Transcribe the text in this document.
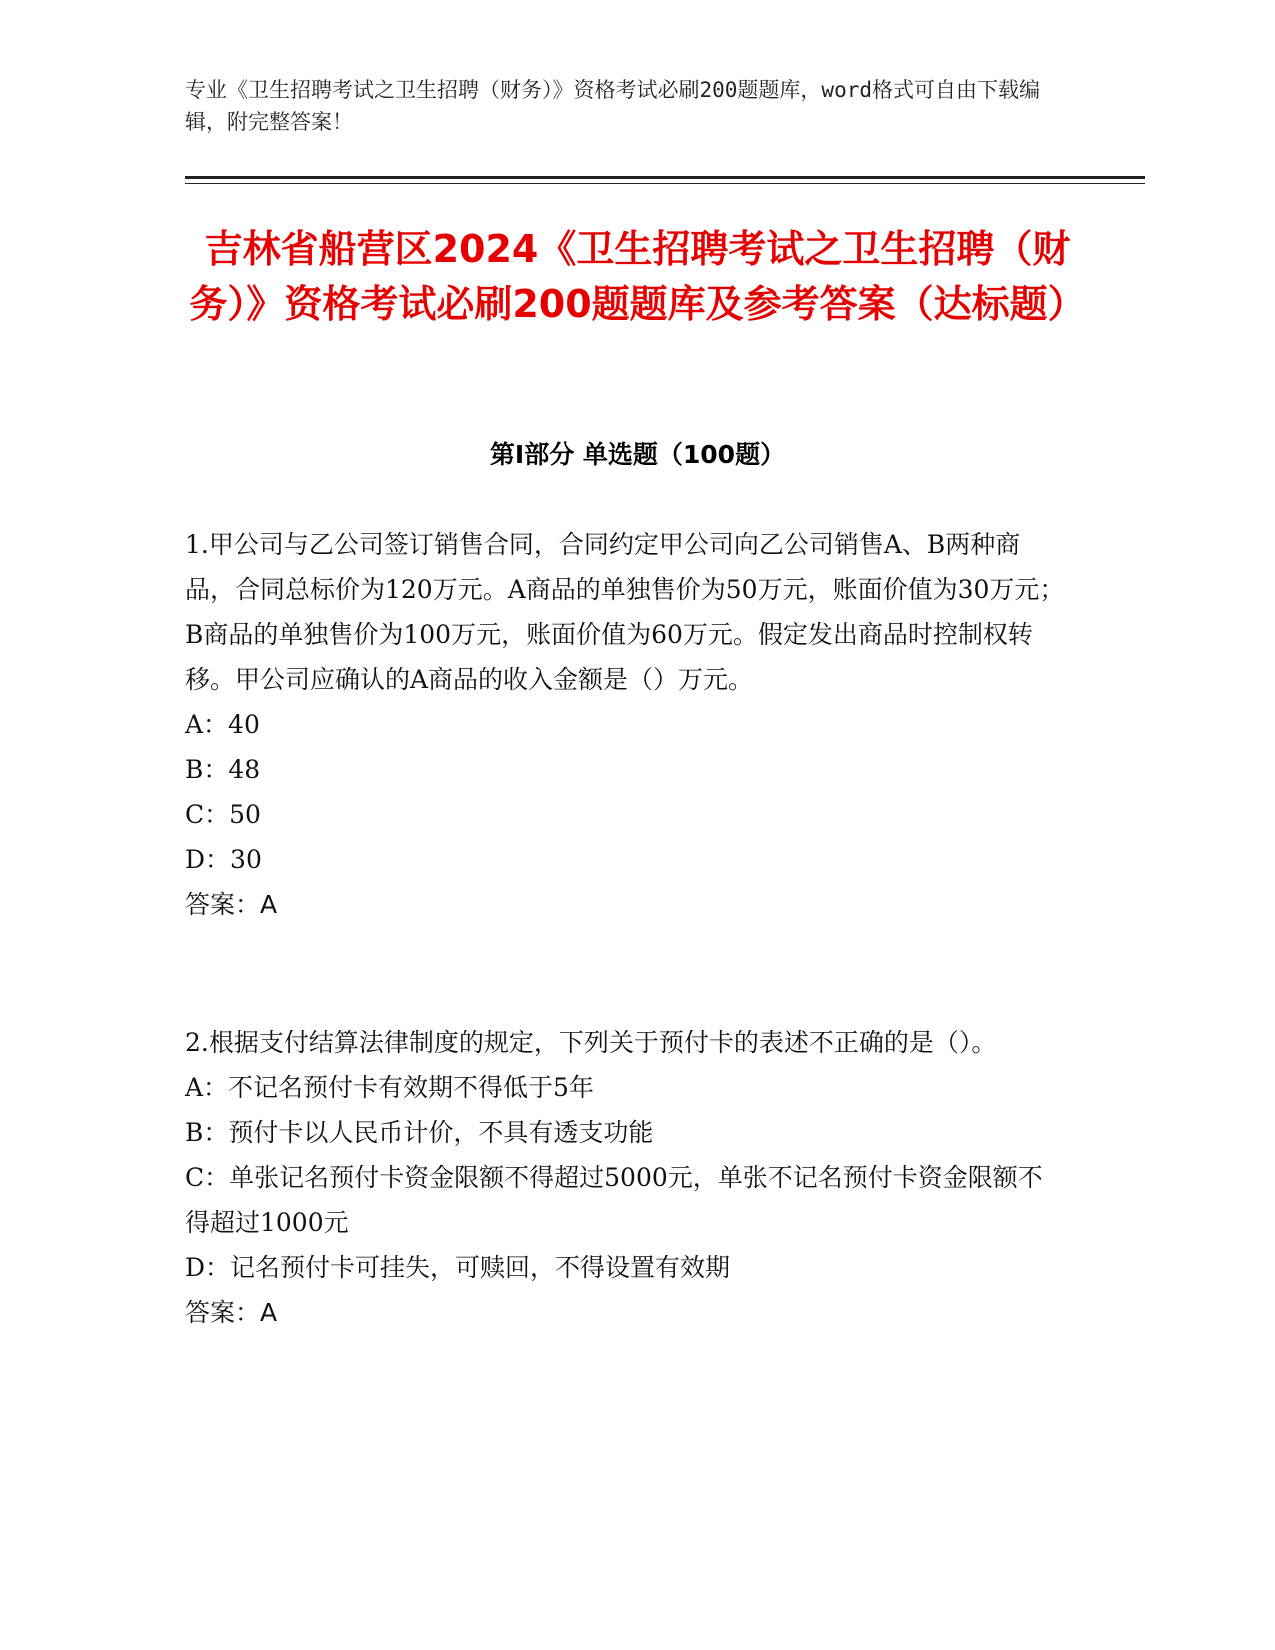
专业《卫生招聘考试之卫生招聘（财务）》资格考试必刷200题题库，word格式可自由下载编辑，附完整答案！
吉林省船营区2024《卫生招聘考试之卫生招聘（财务）》资格考试必刷200题题库及参考答案（达标题）
第Ⅰ部分 单选题（100题）
1.甲公司与乙公司签订销售合同，合同约定甲公司向乙公司销售A、B两种商品，合同总标价为120万元。A商品的单独售价为50万元，账面价值为30万元；B商品的单独售价为100万元，账面价值为60万元。假定发出商品时控制权转移。甲公司应确认的A商品的收入金额是（）万元。
A：40
B：48
C：50
D：30
答案：A
2.根据支付结算法律制度的规定，下列关于预付卡的表述不正确的是（）。
A：不记名预付卡有效期不得低于5年
B：预付卡以人民币计价，不具有透支功能
C：单张记名预付卡资金限额不得超过5000元，单张不记名预付卡资金限额不得超过1000元
D：记名预付卡可挂失，可赎回，不得设置有效期
答案：A
